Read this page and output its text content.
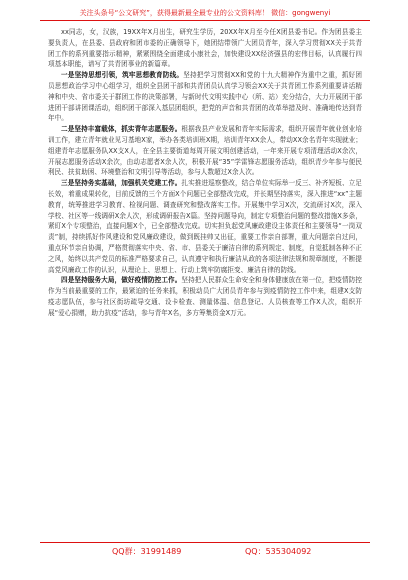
关注头条号“公文研究”，获得最新最全最专业的公文资料库！ 微信：gongwenyi

xx同志，女，汉族，19XX年X月出生，研究生学历，20XX年X月至今任X团县委书记。作为团县委主要负责人，在县委、县政府和团市委的正确领导下，她团结带领广大团员青年，深入学习贯彻XX关于共青团工作的系列重要指示精神，紧紧围绕全面建成小康社会，加快建设XX经济强县的宏伟目标，认真履行四项基本职能，谱写了共青团事业的新篇章。

一是坚持思想引领，筑牢思想教育防线。坚持把学习贯彻XX和党的十九大精神作为重中之重，抓好团员思想政治学习中心组学习，组织全县团干部和共青团员认真学习领会XX关于共青团工作系列重要讲话精神和中央、省市委关于群团工作的决策部署，与新时代文明实践中心（所、站）充分结合，大力开展团干部进团干部讲团课活动，组织团干部深入基层团组织，把党的声音和共青团的改革举措及时、准确地传达到青年中。

二是坚持丰富载体，抓实青年志愿服务。根据我县产业发展和青年实际需求，组织开展青年就业创业培训工作，建立青年就业见习基地X家，举办各类培训班X期，培训青年XX余人，带动XX余名青年实现就业；组建青年志愿服务队XX支X人，在全县主要街道每周开展文明创建活动，一年来开展专项清理活动X余次，开展志愿服务活动X余次，由动志愿者X余人次，积极开展“35”学雷锋志愿服务活动，组织青少年参与便民利民、扶贫助困、环境整治和文明引导等活动，参与人数超过X余人次。

三是坚持务实基础，加强机关党建工作。扎实推进巡察整改，结合单位实际举一反三、补齐短板、立足长效，着重成果转化，目前反馈的三个方面X个问题已全部整改完成，并长期坚持落实，深入推进“xx”主题教育，统筹推进学习教育、检视问题、调查研究和整改落实工作。开展集中学习X次，交流研讨X次，深入学校、社区等一线调研X余人次，形成调研报告X篇。坚持问题导向，制定专项整治问题的整改措施X多条，紧盯X个专项整治，直接问题X个，已全部整改完成。切实担负起党风廉政建设主体责任和主要领导“一岗双责”制，持续抓好作风建设和党风廉政建设，做到既挂帅又出征，重要工作亲自部署，重大问题亲自过问，重点环节亲自协调，严格贯彻落实中央、省、市、县委关于廉洁自律的系列规定、制度，自觉抵制各种不正之风，始终以共产党员的标准严格要求自己，认真遵守和执行廉洁从政的各项法律法规和规章制度，不断提高党风廉政工作的认识，从理论上、思想上、行动上筑牢防腐拒变、廉洁自律的防线。

四是坚持服务大局，做好疫情防控工作。坚持把人民群众生命安全和身体健康放在第一位，把疫情防控作为当前最重要的工作，最紧迫的任务来抓，积极动员广大团员青年参与到疫情防控工作中来，组建X支防疫志愿队伍，参与社区街坊疏导交通、设卡检查、测量体温、信息登记、人员核查等工作X人次，组织开展“爱心捐赠，助力抗疫”活动，参与青年X名，多方筹集资金X万元。

QQ群：31991489	QQ：535304092
